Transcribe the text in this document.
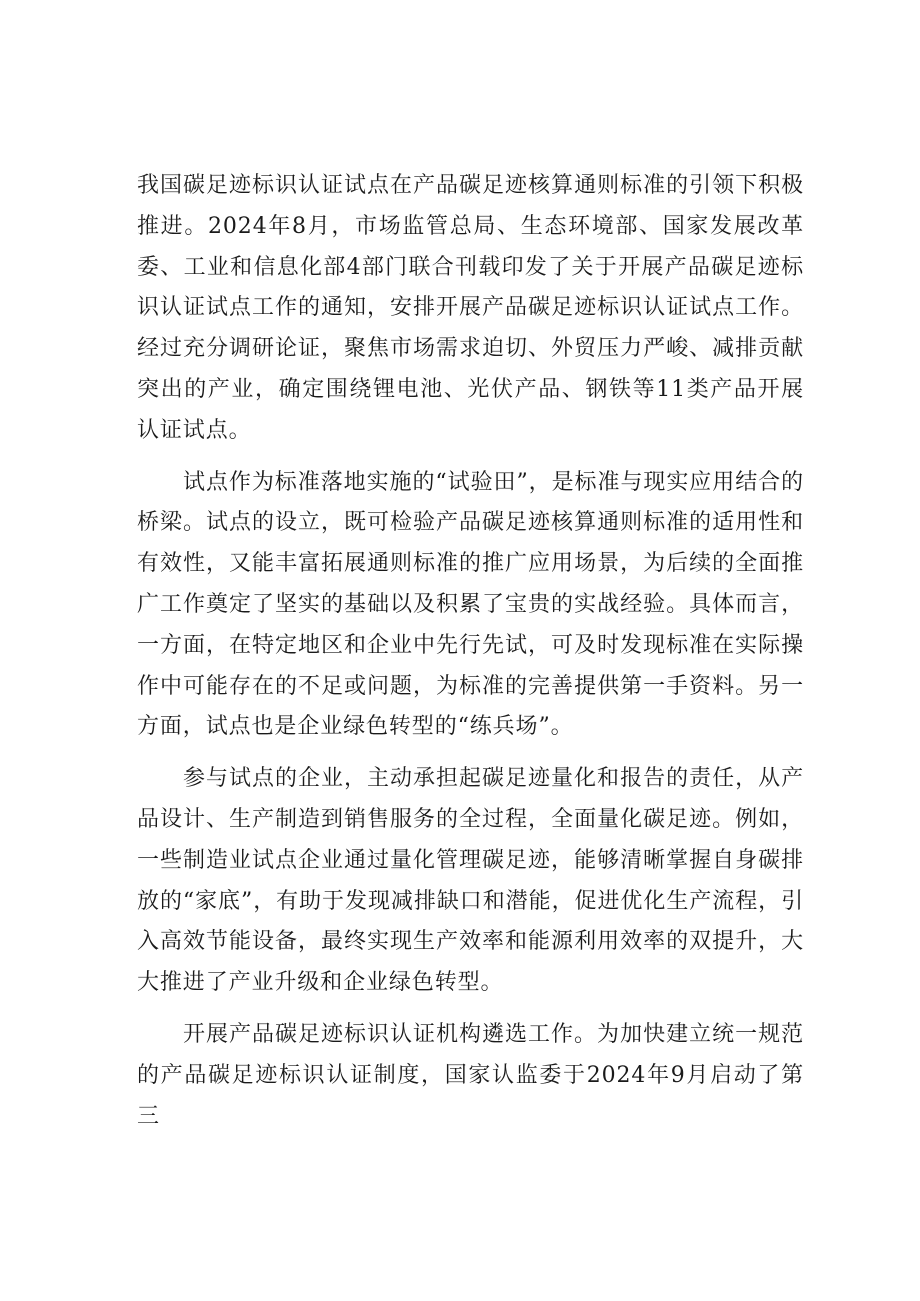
我国碳足迹标识认证试点在产品碳足迹核算通则标准的引领下积极推进。2024年8月，市场监管总局、生态环境部、国家发展改革委、工业和信息化部4部门联合刊载印发了关于开展产品碳足迹标识认证试点工作的通知，安排开展产品碳足迹标识认证试点工作。经过充分调研论证，聚焦市场需求迫切、外贸压力严峻、减排贡献突出的产业，确定围绕锂电池、光伏产品、钢铁等11类产品开展认证试点。

试点作为标准落地实施的“试验田”，是标准与现实应用结合的桥梁。试点的设立，既可检验产品碳足迹核算通则标准的适用性和有效性，又能丰富拓展通则标准的推广应用场景，为后续的全面推广工作奠定了坚实的基础以及积累了宝贵的实战经验。具体而言，一方面，在特定地区和企业中先行先试，可及时发现标准在实际操作中可能存在的不足或问题，为标准的完善提供第一手资料。另一方面，试点也是企业绿色转型的“练兵场”。

参与试点的企业，主动承担起碳足迹量化和报告的责任，从产品设计、生产制造到销售服务的全过程，全面量化碳足迹。例如，一些制造业试点企业通过量化管理碳足迹，能够清晰掌握自身碳排放的“家底”，有助于发现减排缺口和潜能，促进优化生产流程，引入高效节能设备，最终实现生产效率和能源利用效率的双提升，大大推进了产业升级和企业绿色转型。

开展产品碳足迹标识认证机构遴选工作。为加快建立统一规范的产品碳足迹标识认证制度，国家认监委于2024年9月启动了第三
